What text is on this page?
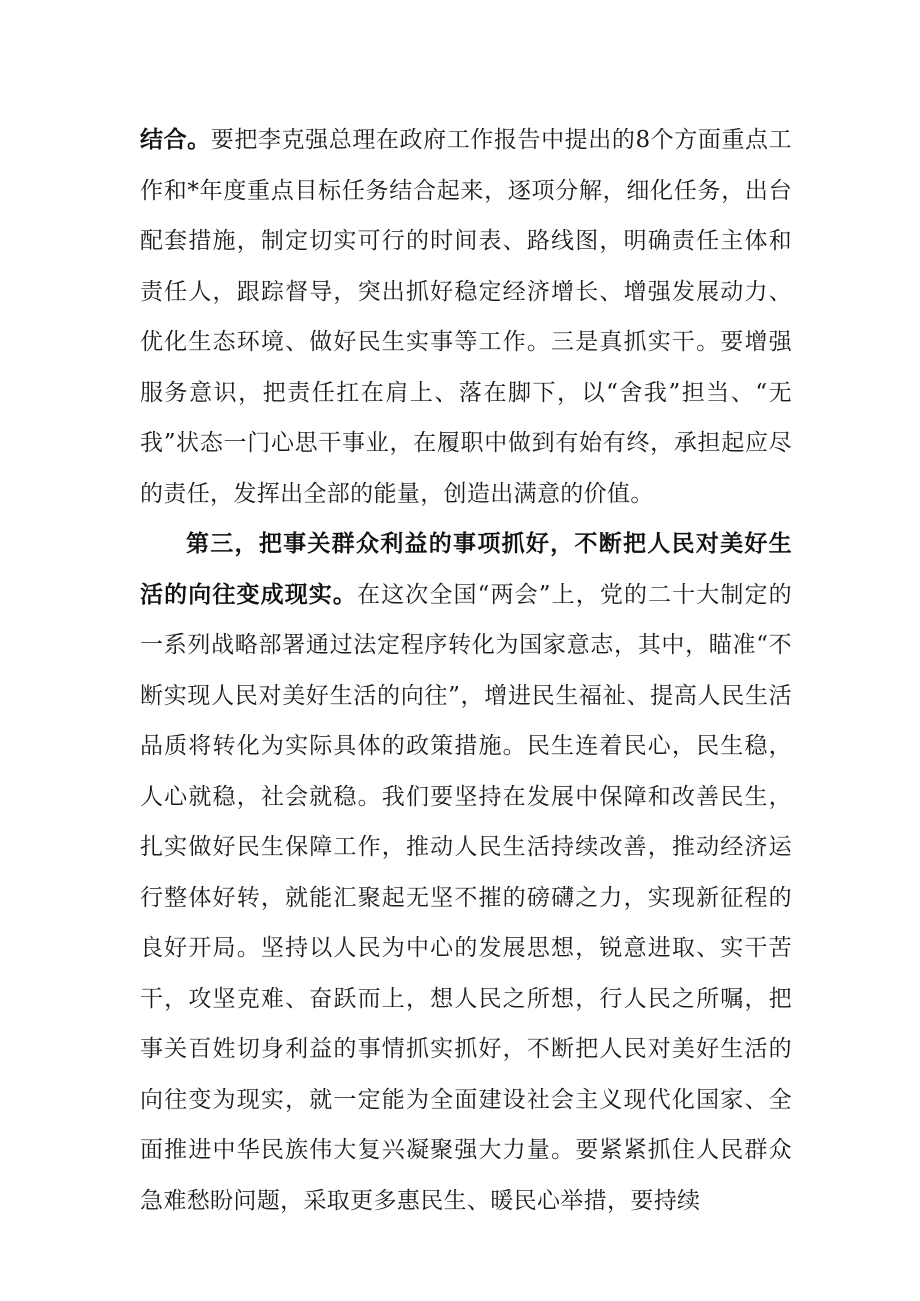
结合。要把李克强总理在政府工作报告中提出的8个方面重点工作和*年度重点目标任务结合起来，逐项分解，细化任务，出台配套措施，制定切实可行的时间表、路线图，明确责任主体和责任人，跟踪督导，突出抓好稳定经济增长、增强发展动力、优化生态环境、做好民生实事等工作。三是真抓实干。要增强服务意识，把责任扛在肩上、落在脚下，以“舍我”担当、“无我”状态一门心思干事业，在履职中做到有始有终，承担起应尽的责任，发挥出全部的能量，创造出满意的价值。

第三，把事关群众利益的事项抓好，不断把人民对美好生活的向往变成现实。在这次全国“两会”上，党的二十大制定的一系列战略部署通过法定程序转化为国家意志，其中，瞄准“不断实现人民对美好生活的向往”，增进民生福祉、提高人民生活品质将转化为实际具体的政策措施。民生连着民心，民生稳，人心就稳，社会就稳。我们要坚持在发展中保障和改善民生，扎实做好民生保障工作，推动人民生活持续改善，推动经济运行整体好转，就能汇聚起无坚不摧的磅礴之力，实现新征程的良好开局。坚持以人民为中心的发展思想，锐意进取、实干苦干，攻坚克难、奋跃而上，想人民之所想，行人民之所嘱，把事关百姓切身利益的事情抓实抓好，不断把人民对美好生活的向往变为现实，就一定能为全面建设社会主义现代化国家、全面推进中华民族伟大复兴凝聚强大力量。要紧紧抓住人民群众急难愁盼问题，采取更多惠民生、暖民心举措，要持续
